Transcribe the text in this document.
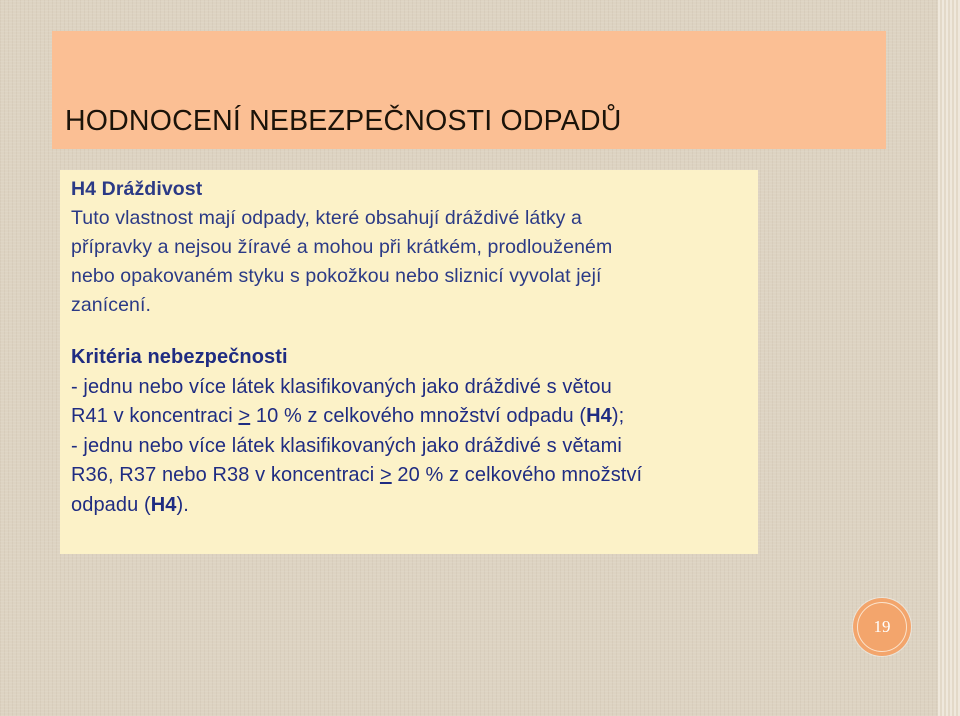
HODNOCENÍ NEBEZPEČNOSTI ODPADŮ
H4 Dráždivost
Tuto vlastnost mají odpady, které obsahují dráždivé látky a
přípravky a nejsou žíravé a mohou při krátkém, prodlouženém
nebo opakovaném styku s pokožkou nebo sliznicí vyvolat její
zanícení.
Kritéria nebezpečnosti
- jednu nebo více látek klasifikovaných jako dráždivé s větou
R41 v koncentraci ≥ 10 % z celkového množství odpadu (H4);
- jednu nebo více látek klasifikovaných jako dráždivé s větami
R36, R37 nebo R38 v koncentraci ≥ 20 % z celkového množství
odpadu (H4).
19
